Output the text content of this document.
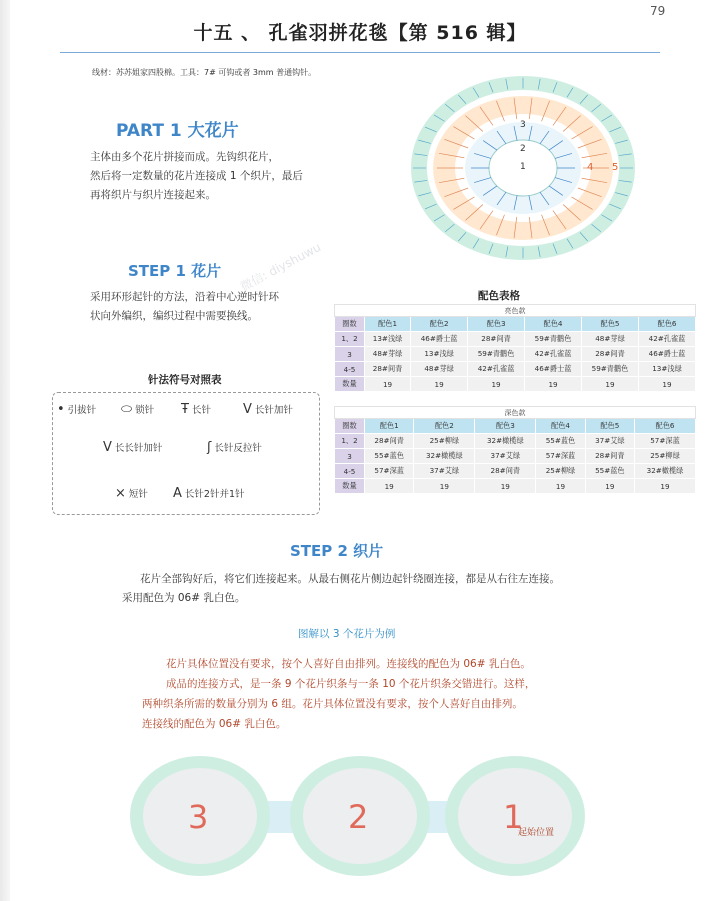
79
十五 、 孔雀羽拼花毯【第 516 辑】
线材：苏苏姐家四股棉。工具：7# 可钩或者 3mm 普通钩针。
PART 1 大花片
主体由多个花片拼接而成。先钩织花片，
然后将一定数量的花片连接成 1 个织片，最后
再将织片与织片连接起来。
1
2
3
4 5
STEP 1 花片
采用环形起针的方法，沿着中心逆时针环
状向外编织，编织过程中需要换线。
针法符号对照表
• 引拔针 ⬭ 锁针 Ŧ 长针 V 长针加针
V 长长针加针	ʃ 长针反拉针
× 短针 A 长针2针并1针
配色表格
亮色款						
圈数	配色1	配色2	配色3	配色4	配色5	配色6
1、2	13#浅绿	46#爵士蓝	28#间青	59#青鹳色	48#芽绿	42#孔雀蓝
3	48#芽绿	13#浅绿	59#青鹳色	42#孔雀蓝	28#间青	46#爵士蓝
4-5	28#间青	48#芽绿	42#孔雀蓝	46#爵士蓝	59#青鹳色	13#浅绿
数量	19	19	19	19	19	19
深色款						
圈数	配色1	配色2	配色3	配色4	配色5	配色6
1、2	28#间青	25#柳绿	32#橄榄绿	55#蓝色	37#艾绿	57#深蓝
3	55#蓝色	32#橄榄绿	37#艾绿	57#深蓝	28#间青	25#柳绿
4-5	57#深蓝	37#艾绿	28#间青	25#柳绿	55#蓝色	32#橄榄绿
数量	19	19	19	19	19	19
STEP 2 织片
花片全部钩好后，将它们连接起来。从最右侧花片侧边起针绕圈连接，都是从右往左连接。
采用配色为 06# 乳白色。
图解以 3 个花片为例
花片具体位置没有要求，按个人喜好自由排列。连接线的配色为 06# 乳白色。
成品的连接方式，是一条 9 个花片织条与一条 10 个花片织条交错进行。这样，
两种织条所需的数量分别为 6 组。花片具体位置没有要求，按个人喜好自由排列。
连接线的配色为 06# 乳白色。
3	2	1
起始位置
微信: diyshuwu
